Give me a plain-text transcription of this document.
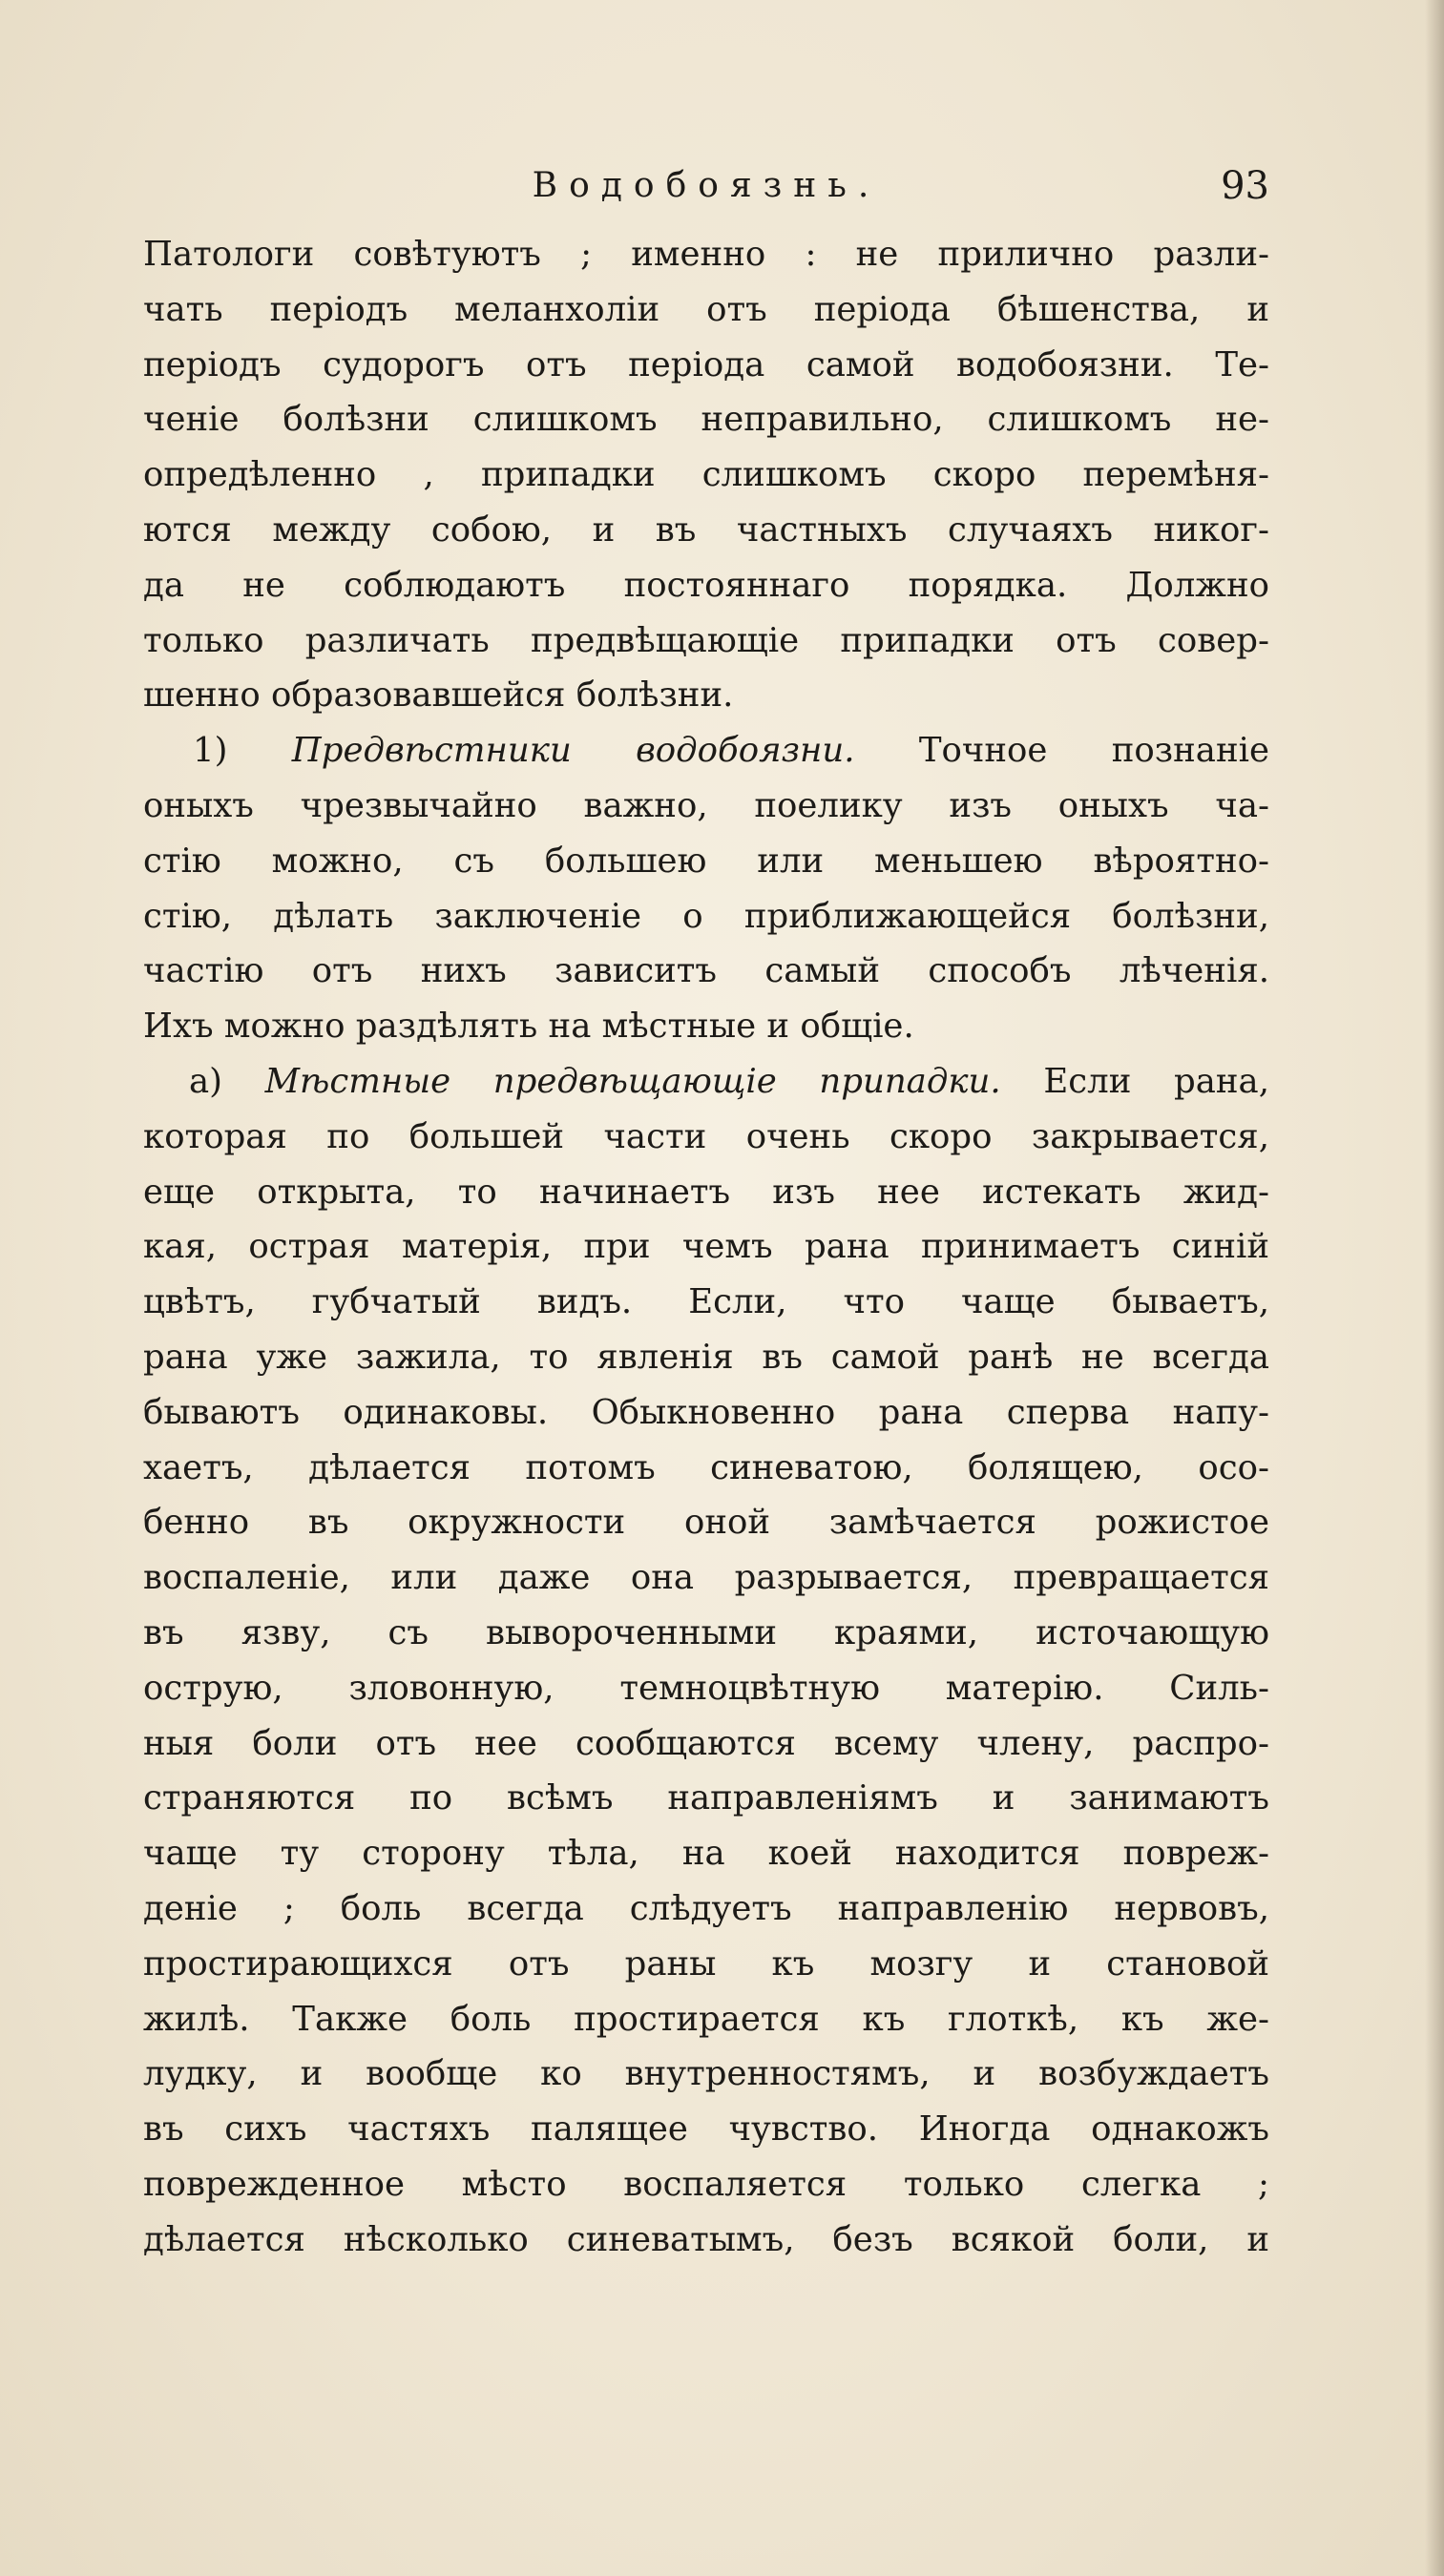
Водобоязнь.	93
Патологи совѣтуютъ ; именно : не прилично разли-
чать періодъ меланхоліи отъ періода бѣшенства, и
періодъ судорогъ отъ періода самой водобоязни. Те-
ченіе болѣзни слишкомъ неправильно, слишкомъ не-
опредѣленно , припадки слишкомъ скоро перемѣня-
ются между собою, и въ частныхъ случаяхъ никог-
да не соблюдаютъ постояннаго порядка. Должно
только различать предвѣщающіе припадки отъ совер-
шенно образовавшейся болѣзни.
1) Предвѣстники водобоязни. Точное познаніе
оныхъ чрезвычайно важно, поелику изъ оныхъ ча-
стію можно, съ большею или меньшею вѣроятно-
стію, дѣлать заключеніе о приближающейся болѣзни,
частію отъ нихъ зависитъ самый способъ лѣченія.
Ихъ можно раздѣлять на мѣстные и общіе.
а) Мѣстные предвѣщающіе припадки. Если рана,
которая по большей части очень скоро закрывается,
еще открыта, то начинаетъ изъ нее истекать жид-
кая, острая матерія, при чемъ рана принимаетъ синій
цвѣтъ, губчатый видъ. Если, что чаще бываетъ,
рана уже зажила, то явленія въ самой ранѣ не всегда
бываютъ одинаковы. Обыкновенно рана сперва напу-
хаетъ, дѣлается потомъ синеватою, болящею, осо-
бенно въ окружности оной замѣчается рожистое
воспаленіе, или даже она разрывается, превращается
въ язву, съ вывороченными краями, источающую
острую, зловонную, темноцвѣтную матерію. Силь-
ныя боли отъ нее сообщаются всему члену, распро-
страняются по всѣмъ направленіямъ и занимаютъ
чаще ту сторону тѣла, на коей находится повреж-
деніе ; боль всегда слѣдуетъ направленію нервовъ,
простирающихся отъ раны къ мозгу и становой
жилѣ. Также боль простирается къ глоткѣ, къ же-
лудку, и вообще ко внутренностямъ, и возбуждаетъ
въ сихъ частяхъ палящее чувство. Иногда однакожъ
поврежденное мѣсто воспаляется только слегка ;
дѣлается нѣсколько синеватымъ, безъ всякой боли, и
